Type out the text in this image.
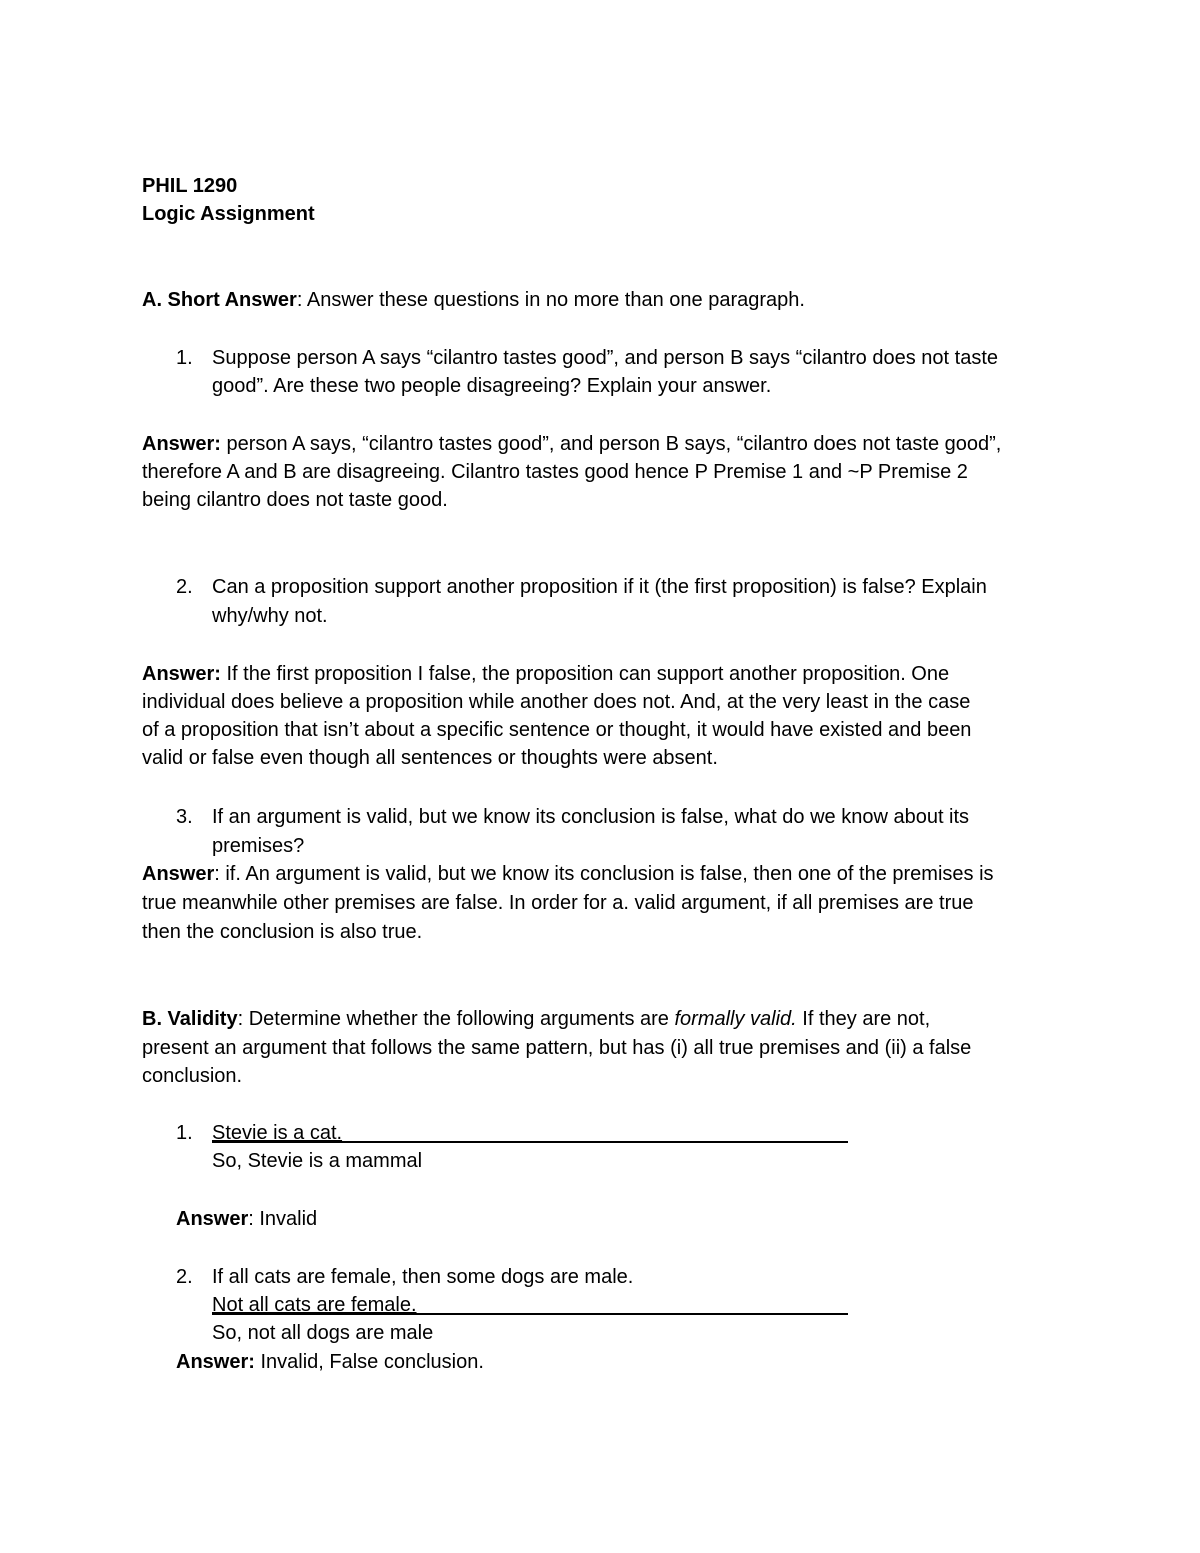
PHIL 1290
Logic Assignment
A. Short Answer: Answer these questions in no more than one paragraph.
1. Suppose person A says “cilantro tastes good”, and person B says “cilantro does not taste
good”. Are these two people disagreeing? Explain your answer.
Answer: person A says, “cilantro tastes good”, and person B says, “cilantro does not taste good”,
therefore A and B are disagreeing. Cilantro tastes good hence P Premise 1 and ~P Premise 2
being cilantro does not taste good.
2. Can a proposition support another proposition if it (the first proposition) is false? Explain
why/why not.
Answer: If the first proposition I false, the proposition can support another proposition. One
individual does believe a proposition while another does not. And, at the very least in the case
of a proposition that isn’t about a specific sentence or thought, it would have existed and been
valid or false even though all sentences or thoughts were absent.
3. If an argument is valid, but we know its conclusion is false, what do we know about its
premises?
Answer: if. An argument is valid, but we know its conclusion is false, then one of the premises is
true meanwhile other premises are false. In order for a. valid argument, if all premises are true
then the conclusion is also true.
B. Validity: Determine whether the following arguments are formally valid. If they are not,
present an argument that follows the same pattern, but has (i) all true premises and (ii) a false
conclusion.
1. Stevie is a cat.
So, Stevie is a mammal
Answer: Invalid
2. If all cats are female, then some dogs are male.
Not all cats are female.
So, not all dogs are male
Answer: Invalid, False conclusion.
